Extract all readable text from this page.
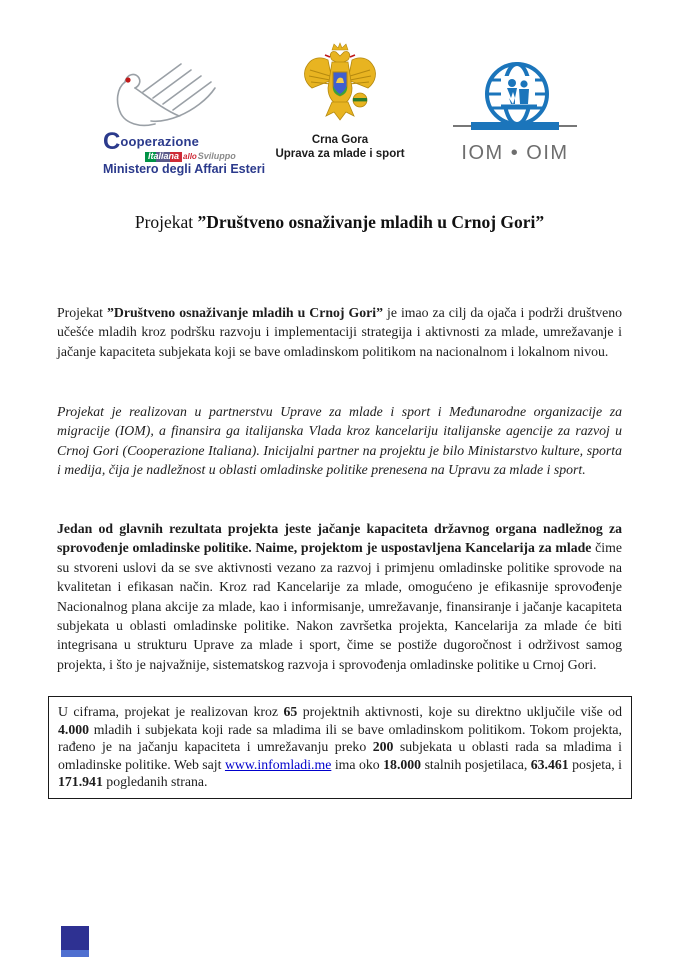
Cooperazione
Italiana allo Sviluppo
Ministero degli Affari Esteri
Crna Gora
Uprava za mlade i sport	IOM • OIM
Projekat ”Društveno osnaživanje mladih u Crnoj Gori”

Projekat ”Društveno osnaživanje mladih u Crnoj Gori” je imao za cilj da ojača i podrži društveno učešće mladih kroz podršku razvoju i implementaciji strategija i aktivnosti za mlade, umrežavanje i jačanje kapaciteta subjekata koji se bave omladinskom politikom na nacionalnom i lokalnom nivou.

Projekat je realizovan u partnerstvu Uprave za mlade i sport i Međunarodne organizacije za migracije (IOM), a finansira ga italijanska Vlada kroz kancelariju italijanske agencije za razvoj u Crnoj Gori (Cooperazione Italiana). Inicijalni partner na projektu je bilo Ministarstvo kulture, sporta i medija, čija je nadležnost u oblasti omladinske politike prenesena na Upravu za mlade i sport.

Jedan od glavnih rezultata projekta jeste jačanje kapaciteta državnog organa nadležnog za sprovođenje omladinske politike. Naime, projektom je uspostavljena Kancelarija za mlade čime su stvoreni uslovi da se sve aktivnosti vezano za razvoj i primjenu omladinske politike sprovode na kvalitetan i efikasan način. Kroz rad Kancelarije za mlade, omogućeno je efikasnije sprovođenje Nacionalnog plana akcije za mlade, kao i informisanje, umrežavanje, finansiranje i jačanje kacapiteta subjekata u oblasti omladinske politike. Nakon završetka projekta, Kancelarija za mlade će biti integrisana u strukturu Uprave za mlade i sport, čime se postiže dugoročnost i održivost samog projekta, i što je najvažnije, sistematskog razvoja i sprovođenja omladinske politike u Crnoj Gori.

U ciframa, projekat je realizovan kroz 65 projektnih aktivnosti, koje su direktno uključile više od 4.000 mladih i subjekata koji rade sa mladima ili se bave omladinskom politikom. Tokom projekta, rađeno je na jačanju kapaciteta i umrežavanju preko 200 subjekata u oblasti rada sa mladima i omladinske politike. Web sajt www.infomladi.me ima oko 18.000 stalnih posjetilaca, 63.461 posjeta, i 171.941 pogledanih strana.
